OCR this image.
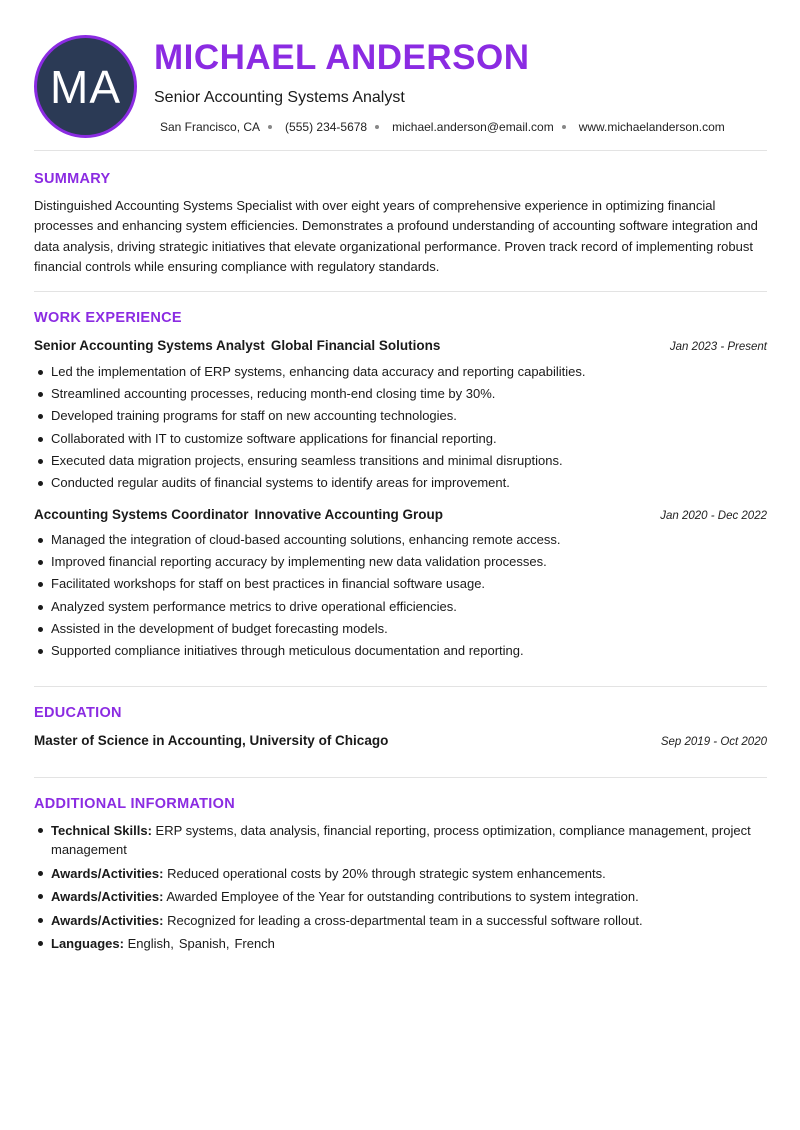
MA
MICHAEL ANDERSON
Senior Accounting Systems Analyst
San Francisco, CA (555) 234-5678 michael.anderson@email.com www.michaelanderson.com
SUMMARY
Distinguished Accounting Systems Specialist with over eight years of comprehensive experience in optimizing financial processes and enhancing system efficiencies. Demonstrates a profound understanding of accounting software integration and data analysis, driving strategic initiatives that elevate organizational performance. Proven track record of implementing robust financial controls while ensuring compliance with regulatory standards.
WORK EXPERIENCE
Senior Accounting Systems Analyst Global Financial Solutions	Jan 2023 - Present
Led the implementation of ERP systems, enhancing data accuracy and reporting capabilities.
Streamlined accounting processes, reducing month-end closing time by 30%.
Developed training programs for staff on new accounting technologies.
Collaborated with IT to customize software applications for financial reporting.
Executed data migration projects, ensuring seamless transitions and minimal disruptions.
Conducted regular audits of financial systems to identify areas for improvement.
Accounting Systems Coordinator Innovative Accounting Group	Jan 2020 - Dec 2022
Managed the integration of cloud-based accounting solutions, enhancing remote access.
Improved financial reporting accuracy by implementing new data validation processes.
Facilitated workshops for staff on best practices in financial software usage.
Analyzed system performance metrics to drive operational efficiencies.
Assisted in the development of budget forecasting models.
Supported compliance initiatives through meticulous documentation and reporting.
EDUCATION
Master of Science in Accounting, University of Chicago	Sep 2019 - Oct 2020
ADDITIONAL INFORMATION
Technical Skills: ERP systems, data analysis, financial reporting, process optimization, compliance management, project management
Awards/Activities: Reduced operational costs by 20% through strategic system enhancements.
Awards/Activities: Awarded Employee of the Year for outstanding contributions to system integration.
Awards/Activities: Recognized for leading a cross-departmental team in a successful software rollout.
Languages: English, Spanish, French
